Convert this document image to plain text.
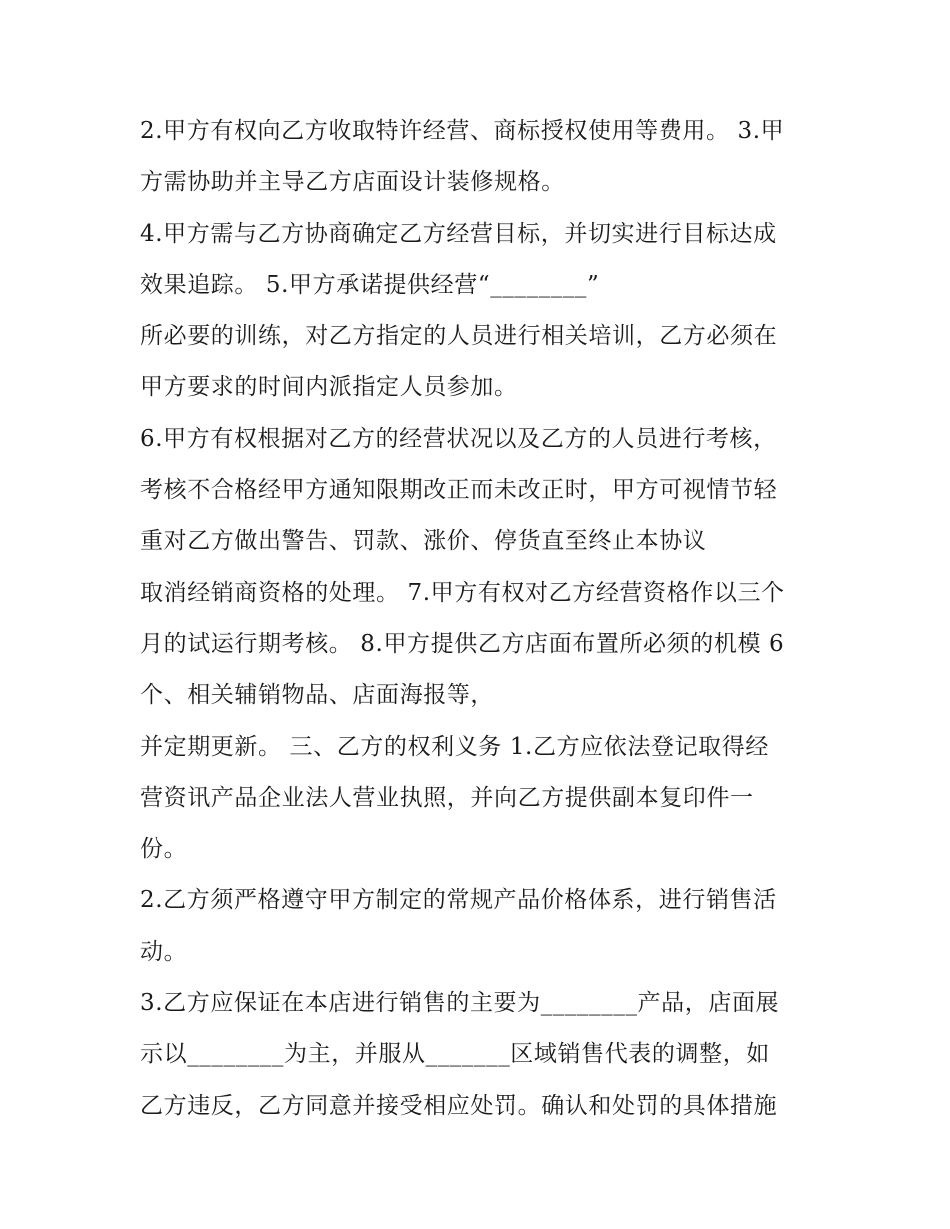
2.甲方有权向乙方收取特许经营、商标授权使用等费用。 3.甲
方需协助并主导乙方店面设计装修规格。
4.甲方需与乙方协商确定乙方经营目标，并切实进行目标达成
效果追踪。 5.甲方承诺提供经营“________”
所必要的训练，对乙方指定的人员进行相关培训，乙方必须在
甲方要求的时间内派指定人员参加。
6.甲方有权根据对乙方的经营状况以及乙方的人员进行考核，
考核不合格经甲方通知限期改正而未改正时，甲方可视情节轻
重对乙方做出警告、罚款、涨价、停货直至终止本协议
取消经销商资格的处理。 7.甲方有权对乙方经营资格作以三个
月的试运行期考核。 8.甲方提供乙方店面布置所必须的机模 6
个、相关辅销物品、店面海报等，
并定期更新。 三、乙方的权利义务 1.乙方应依法登记取得经
营资讯产品企业法人营业执照，并向乙方提供副本复印件一
份。
2.乙方须严格遵守甲方制定的常规产品价格体系，进行销售活
动。
3.乙方应保证在本店进行销售的主要为________产品，店面展
示以________为主，并服从_______区域销售代表的调整，如
乙方违反，乙方同意并接受相应处罚。确认和处罚的具体措施
